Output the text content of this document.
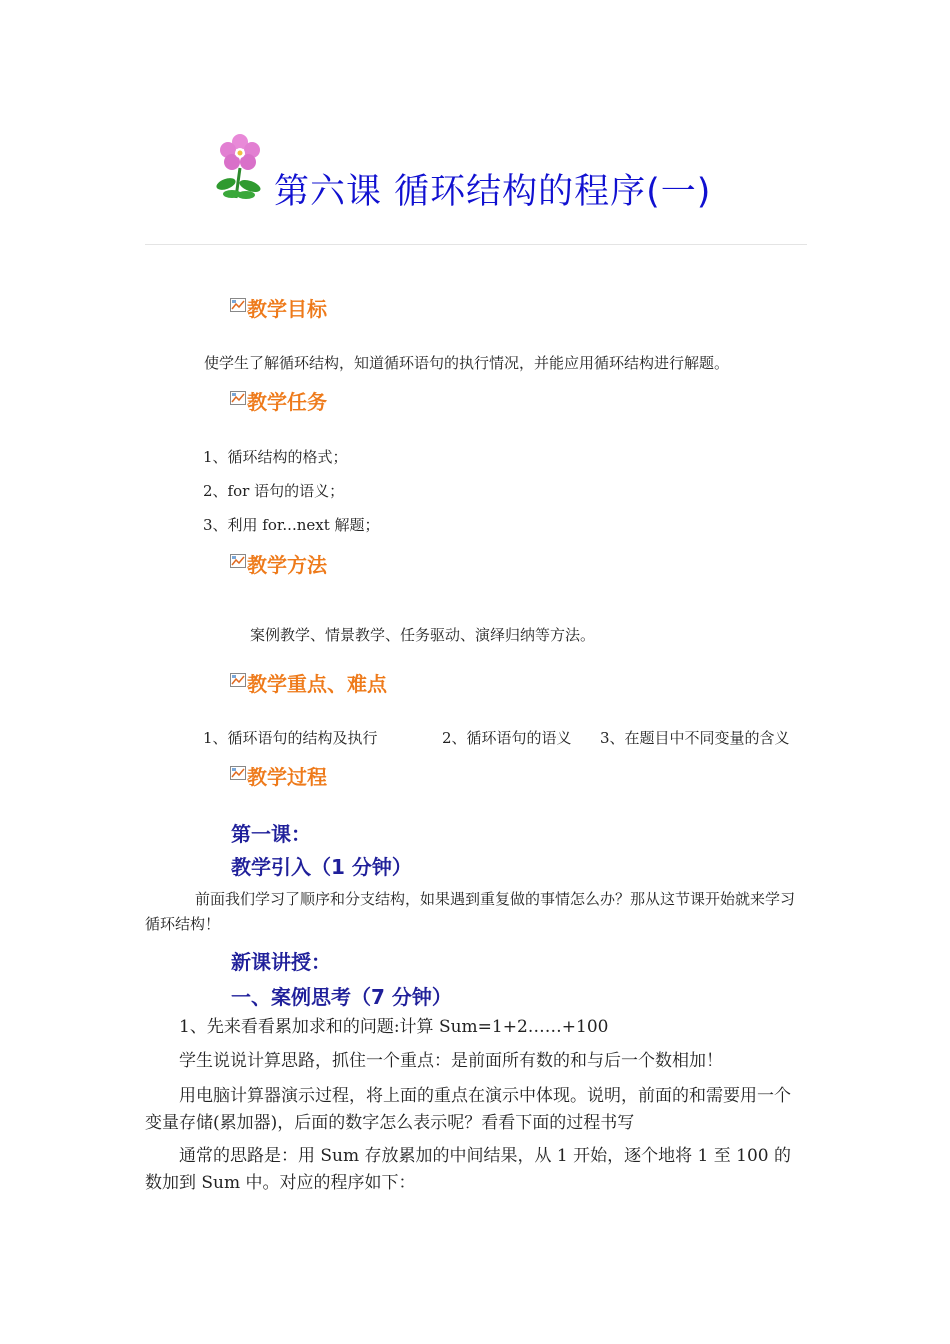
第六课 循环结构的程序(一)
教学目标
使学生了解循环结构，知道循环语句的执行情况，并能应用循环结构进行解题。
教学任务
1、循环结构的格式；
2、for 语句的语义；
3、利用 for...next 解题；
教学方法
案例教学、情景教学、任务驱动、演绎归纳等方法。
教学重点、难点
1、循环语句的结构及执行	2、循环语句的语义 3、在题目中不同变量的含义
教学过程
第一课：
教学引入（1 分钟）
前面我们学习了顺序和分支结构，如果遇到重复做的事情怎么办？那从这节课开始就来学习循环结构！
新课讲授：
一、案例思考（7 分钟）
1、先来看看累加求和的问题:计算 Sum=1+2……+100
学生说说计算思路，抓住一个重点：是前面所有数的和与后一个数相加！
用电脑计算器演示过程，将上面的重点在演示中体现。说明，前面的和需要用一个变量存储(累加器)，后面的数字怎么表示呢？看看下面的过程书写
通常的思路是：用 Sum 存放累加的中间结果，从 1 开始，逐个地将 1 至 100 的数加到 Sum 中。对应的程序如下：
